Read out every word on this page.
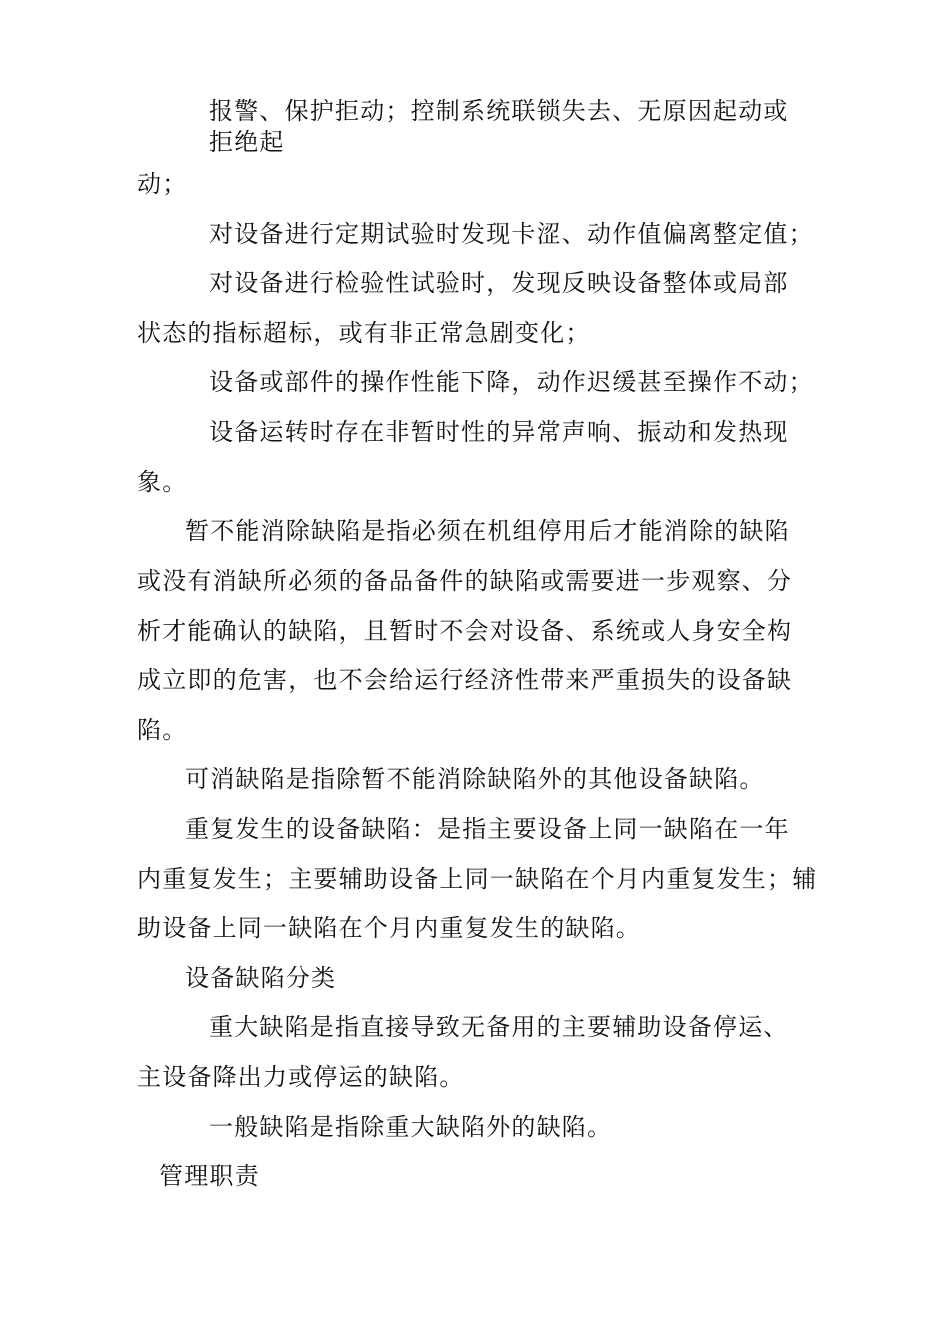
报警、保护拒动；控制系统联锁失去、无原因起动或
拒绝起
动；
对设备进行定期试验时发现卡涩、动作值偏离整定值；
对设备进行检验性试验时，发现反映设备整体或局部
状态的指标超标，或有非正常急剧变化；
设备或部件的操作性能下降，动作迟缓甚至操作不动；
设备运转时存在非暂时性的异常声响、振动和发热现
象。
暂不能消除缺陷是指必须在机组停用后才能消除的缺陷
或没有消缺所必须的备品备件的缺陷或需要进一步观察、分
析才能确认的缺陷，且暂时不会对设备、系统或人身安全构
成立即的危害，也不会给运行经济性带来严重损失的设备缺
陷。
可消缺陷是指除暂不能消除缺陷外的其他设备缺陷。
重复发生的设备缺陷：是指主要设备上同一缺陷在一年
内重复发生；主要辅助设备上同一缺陷在个月内重复发生；辅
助设备上同一缺陷在个月内重复发生的缺陷。
设备缺陷分类
重大缺陷是指直接导致无备用的主要辅助设备停运、
主设备降出力或停运的缺陷。
一般缺陷是指除重大缺陷外的缺陷。
管理职责
